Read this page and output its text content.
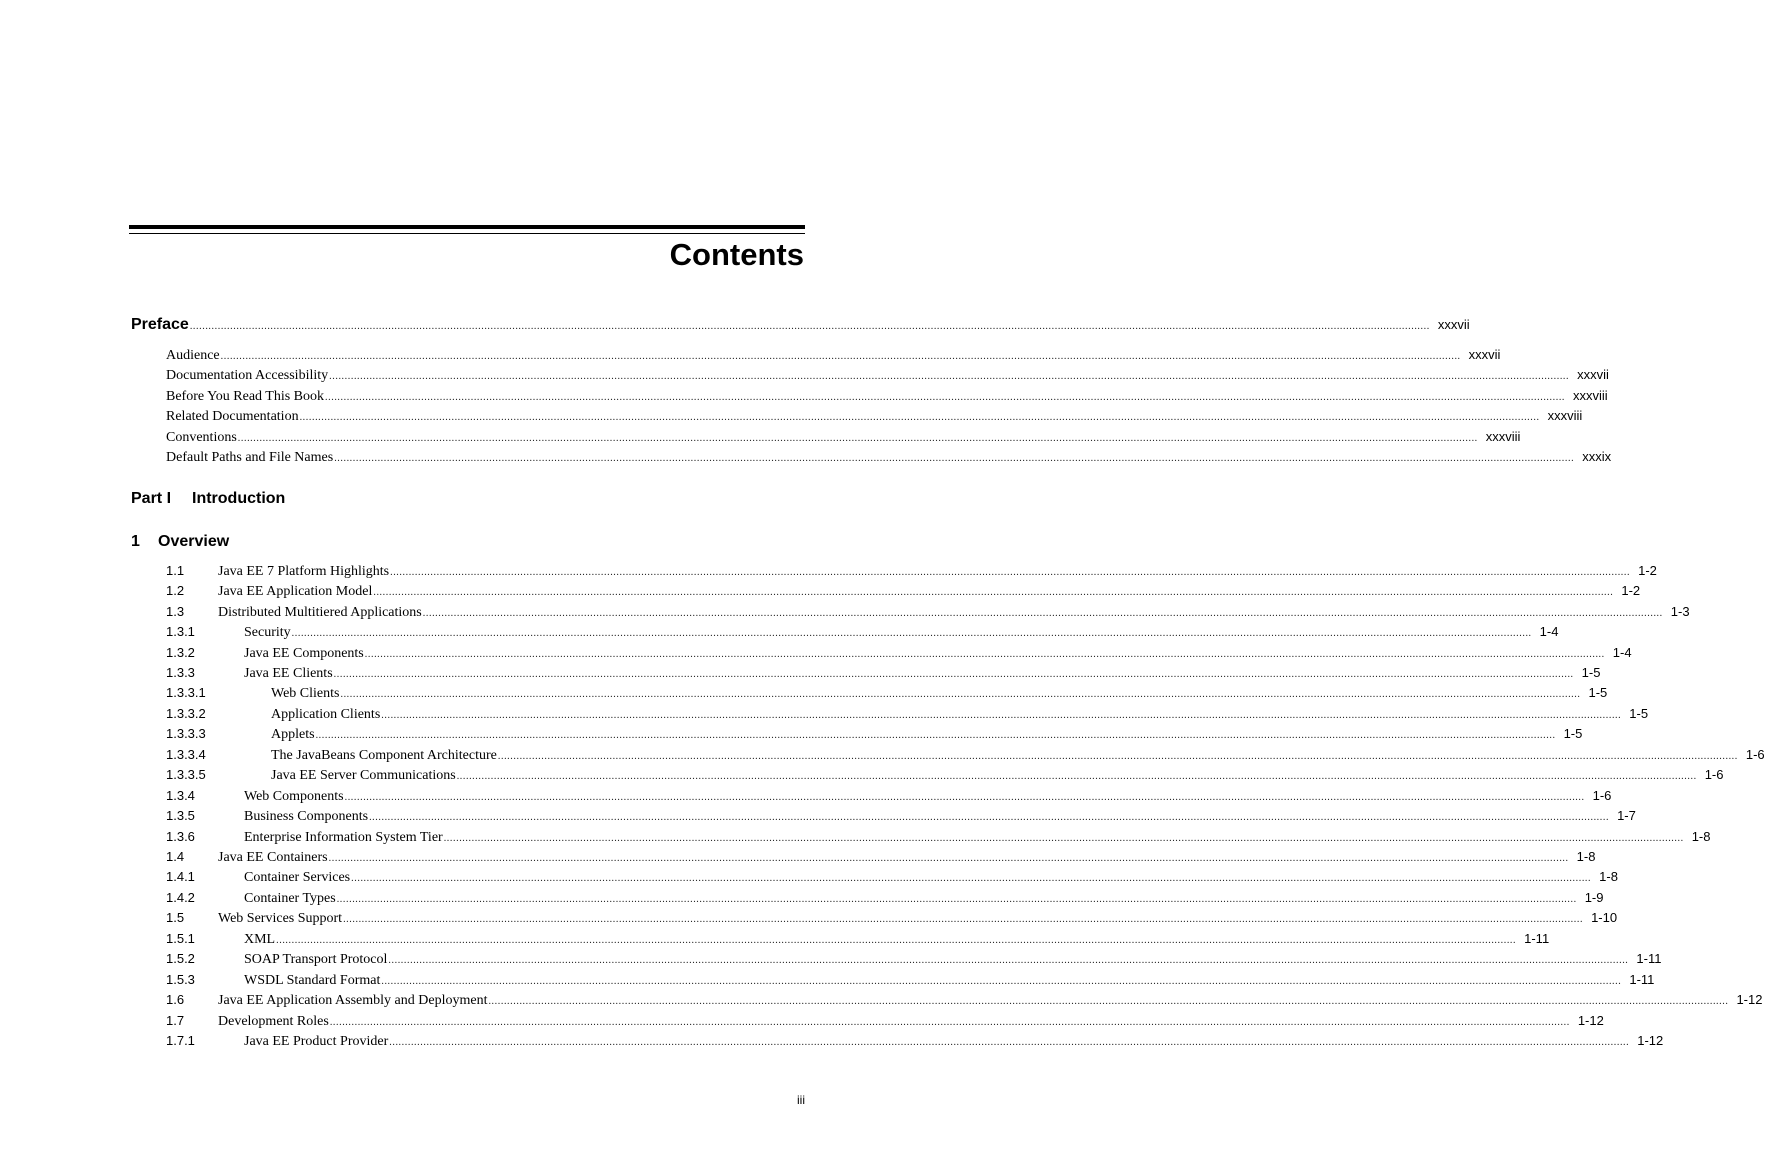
Contents
Preface ................................................................................................................................................................................................................................................................................................................................................................................................................ xxxvii
Audience ................................................................................................................................................................................................................................................................................................................................................................................................................ xxxvii
Documentation Accessibility ................................................................................................................................................................................................................................................................................................................................................................................................................ xxxvii
Before You Read This Book ................................................................................................................................................................................................................................................................................................................................................................................................................ xxxviii
Related Documentation ................................................................................................................................................................................................................................................................................................................................................................................................................ xxxviii
Conventions ................................................................................................................................................................................................................................................................................................................................................................................................................ xxxviii
Default Paths and File Names ................................................................................................................................................................................................................................................................................................................................................................................................................ xxxix
Part I Introduction
1 Overview
1.1	Java EE 7 Platform Highlights ................................................................................................................................................................................................................................................................................................................................................................................................................ 1-2
1.2	Java EE Application Model ................................................................................................................................................................................................................................................................................................................................................................................................................ 1-2
1.3	Distributed Multitiered Applications ................................................................................................................................................................................................................................................................................................................................................................................................................ 1-3
1.3.1	Security ................................................................................................................................................................................................................................................................................................................................................................................................................ 1-4
1.3.2	Java EE Components ................................................................................................................................................................................................................................................................................................................................................................................................................ 1-4
1.3.3	Java EE Clients ................................................................................................................................................................................................................................................................................................................................................................................................................ 1-5
1.3.3.1	Web Clients ................................................................................................................................................................................................................................................................................................................................................................................................................ 1-5
1.3.3.2	Application Clients ................................................................................................................................................................................................................................................................................................................................................................................................................ 1-5
1.3.3.3	Applets ................................................................................................................................................................................................................................................................................................................................................................................................................ 1-5
1.3.3.4	The JavaBeans Component Architecture ................................................................................................................................................................................................................................................................................................................................................................................................................ 1-6
1.3.3.5	Java EE Server Communications ................................................................................................................................................................................................................................................................................................................................................................................................................ 1-6
1.3.4	Web Components ................................................................................................................................................................................................................................................................................................................................................................................................................ 1-6
1.3.5	Business Components ................................................................................................................................................................................................................................................................................................................................................................................................................ 1-7
1.3.6	Enterprise Information System Tier ................................................................................................................................................................................................................................................................................................................................................................................................................ 1-8
1.4	Java EE Containers ................................................................................................................................................................................................................................................................................................................................................................................................................ 1-8
1.4.1	Container Services ................................................................................................................................................................................................................................................................................................................................................................................................................ 1-8
1.4.2	Container Types ................................................................................................................................................................................................................................................................................................................................................................................................................ 1-9
1.5	Web Services Support ................................................................................................................................................................................................................................................................................................................................................................................................................ 1-10
1.5.1	XML ................................................................................................................................................................................................................................................................................................................................................................................................................ 1-11
1.5.2	SOAP Transport Protocol ................................................................................................................................................................................................................................................................................................................................................................................................................ 1-11
1.5.3	WSDL Standard Format ................................................................................................................................................................................................................................................................................................................................................................................................................ 1-11
1.6	Java EE Application Assembly and Deployment ................................................................................................................................................................................................................................................................................................................................................................................................................ 1-12
1.7	Development Roles ................................................................................................................................................................................................................................................................................................................................................................................................................ 1-12
1.7.1	Java EE Product Provider ................................................................................................................................................................................................................................................................................................................................................................................................................ 1-12
iii
